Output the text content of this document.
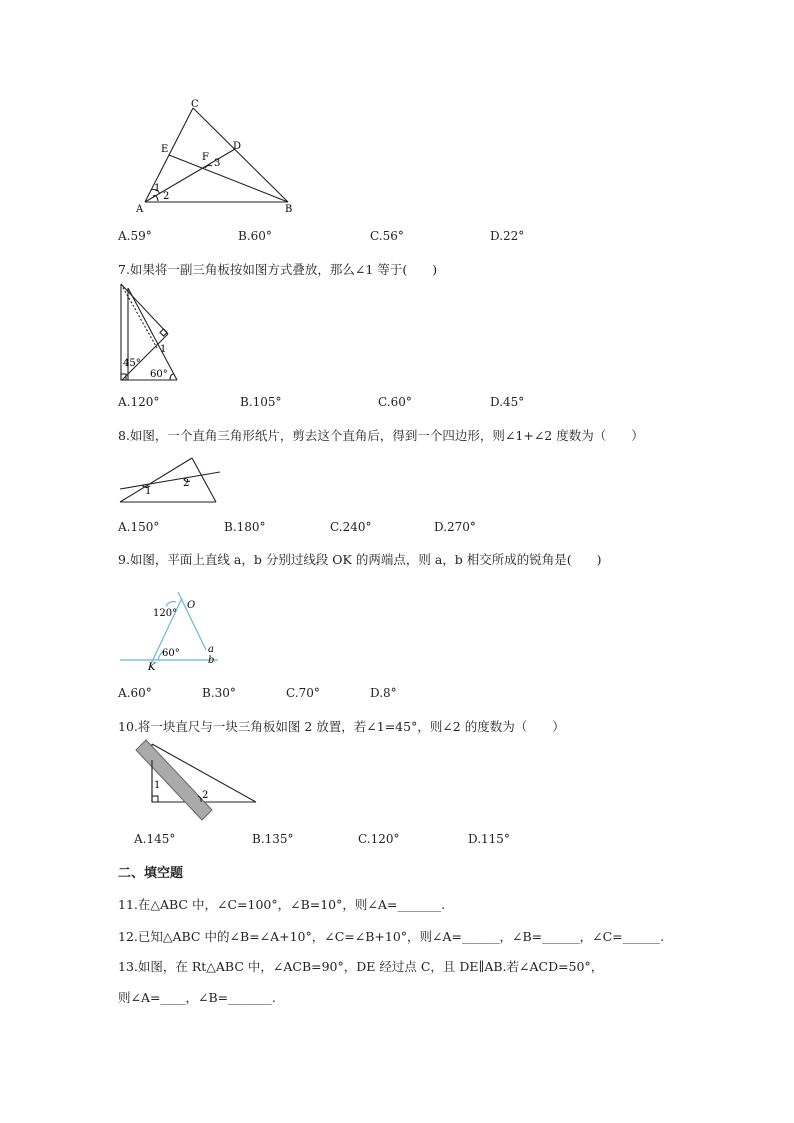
C
E	D
F
3
1
2
A	B
A.59°	B.60°	C.56°	D.22°
7.如果将一副三角板按如图方式叠放，那么∠1 等于(　　)
45°
60°
1
A.120°	B.105°	C.60°	D.45°
8.如图，一个直角三角形纸片，剪去这个直角后，得到一个四边形，则∠1+∠2 度数为（　　）
1
2
A.150°	B.180°	C.240°	D.270°
9.如图，平面上直线 a，b 分别过线段 OK 的两端点，则 a，b 相交所成的锐角是(　　)
120°
O
60°	a
b
K
A.60°	B.30°	C.70°	D.8°
10.将一块直尺与一块三角板如图 2 放置，若∠1=45°，则∠2 的度数为（　　）
1
2
A.145°	B.135°	C.120°	D.115°
二、填空题
11.在△ABC 中，∠C=100°，∠B=10°，则∠A=_______.
12.已知△ABC 中的∠B=∠A+10°，∠C=∠B+10°，则∠A=______，∠B=______，∠C=______.
13.如图，在 Rt△ABC 中，∠ACB=90°，DE 经过点 C，且 DE∥AB.若∠ACD=50°，
则∠A=____，∠B=_______.
